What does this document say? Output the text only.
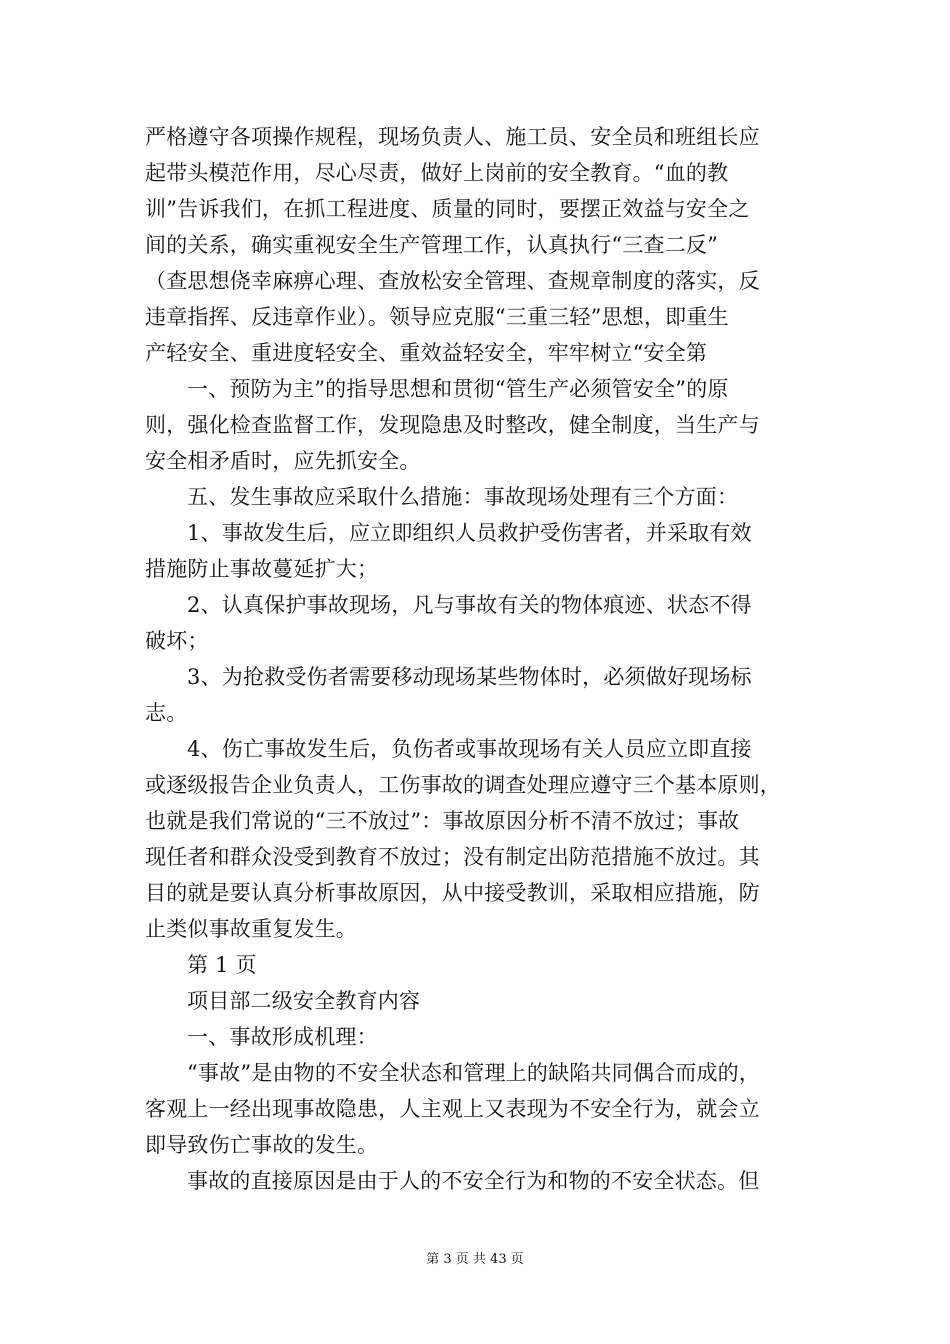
严格遵守各项操作规程，现场负责人、施工员、安全员和班组长应
起带头模范作用，尽心尽责，做好上岗前的安全教育。“血的教
训”告诉我们，在抓工程进度、质量的同时，要摆正效益与安全之
间的关系，确实重视安全生产管理工作，认真执行“三查二反”
（查思想侥幸麻痹心理、查放松安全管理、查规章制度的落实，反
违章指挥、反违章作业）。领导应克服“三重三轻”思想，即重生
产轻安全、重进度轻安全、重效益轻安全，牢牢树立“安全第
一、预防为主”的指导思想和贯彻“管生产必须管安全”的原
则，强化检查监督工作，发现隐患及时整改，健全制度，当生产与
安全相矛盾时，应先抓安全。
五、发生事故应采取什么措施：事故现场处理有三个方面：
1、事故发生后，应立即组织人员救护受伤害者，并采取有效
措施防止事故蔓延扩大；
2、认真保护事故现场，凡与事故有关的物体痕迹、状态不得
破坏；
3、为抢救受伤者需要移动现场某些物体时，必须做好现场标
志。
4、伤亡事故发生后，负伤者或事故现场有关人员应立即直接
或逐级报告企业负责人，工伤事故的调查处理应遵守三个基本原则，
也就是我们常说的“三不放过”：事故原因分析不清不放过；事故
现任者和群众没受到教育不放过；没有制定出防范措施不放过。其
目的就是要认真分析事故原因，从中接受教训，采取相应措施，防
止类似事故重复发生。
第 1 页
项目部二级安全教育内容
一、事故形成机理：
“事故”是由物的不安全状态和管理上的缺陷共同偶合而成的，
客观上一经出现事故隐患，人主观上又表现为不安全行为，就会立
即导致伤亡事故的发生。
事故的直接原因是由于人的不安全行为和物的不安全状态。但
第 3 页 共 43 页
